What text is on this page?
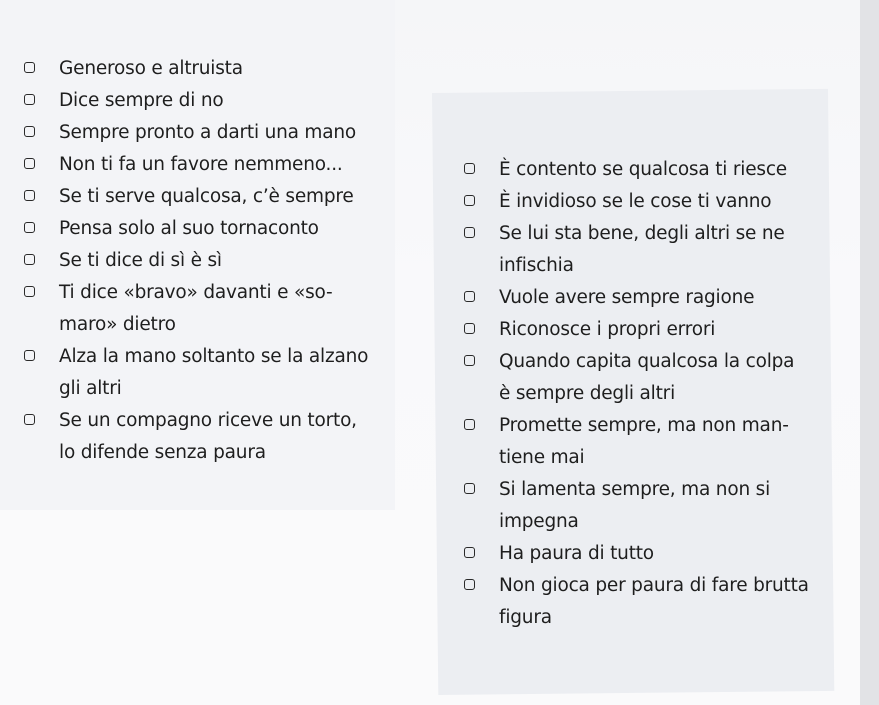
Generoso e altruista
Dice sempre di no
Sempre pronto a darti una mano
Non ti fa un favore nemmeno...
Se ti serve qualcosa, c’è sempre
Pensa solo al suo tornaconto
Se ti dice di sì è sì
Ti dice «bravo» davanti e «so-
maro» dietro
Alza la mano soltanto se la alzano
gli altri
Se un compagno riceve un torto,
lo difende senza paura
È contento se qualcosa ti riesce
È invidioso se le cose ti vanno
Se lui sta bene, degli altri se ne
infischia
Vuole avere sempre ragione
Riconosce i propri errori
Quando capita qualcosa la colpa
è sempre degli altri
Promette sempre, ma non man-
tiene mai
Si lamenta sempre, ma non si
impegna
Ha paura di tutto
Non gioca per paura di fare brutta
figura
